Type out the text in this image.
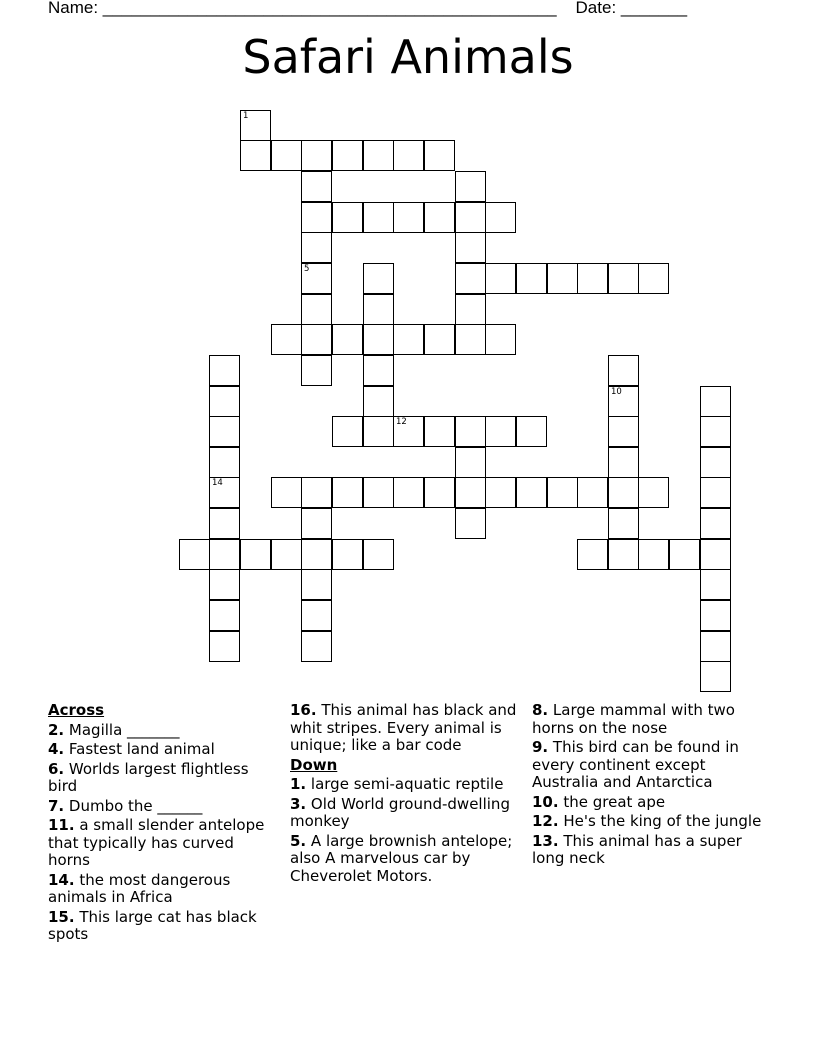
Name: ________________________________________________ Date: _______
Safari Animals
1
5
10
12
14
Across
2. Magilla _______
4. Fastest land animal
6. Worlds largest flightless bird
7. Dumbo the ______
11. a small slender antelope that typically has curved horns
14. the most dangerous animals in Africa
15. This large cat has black spots
16. This animal has black and whit stripes. Every animal is unique; like a bar code
Down
1. large semi-aquatic reptile
3. Old World ground-dwelling monkey
5. A large brownish antelope; also A marvelous car by Cheverolet Motors.
8. Large mammal with two horns on the nose
9. This bird can be found in every continent except Australia and Antarctica
10. the great ape
12. He's the king of the jungle
13. This animal has a super long neck
